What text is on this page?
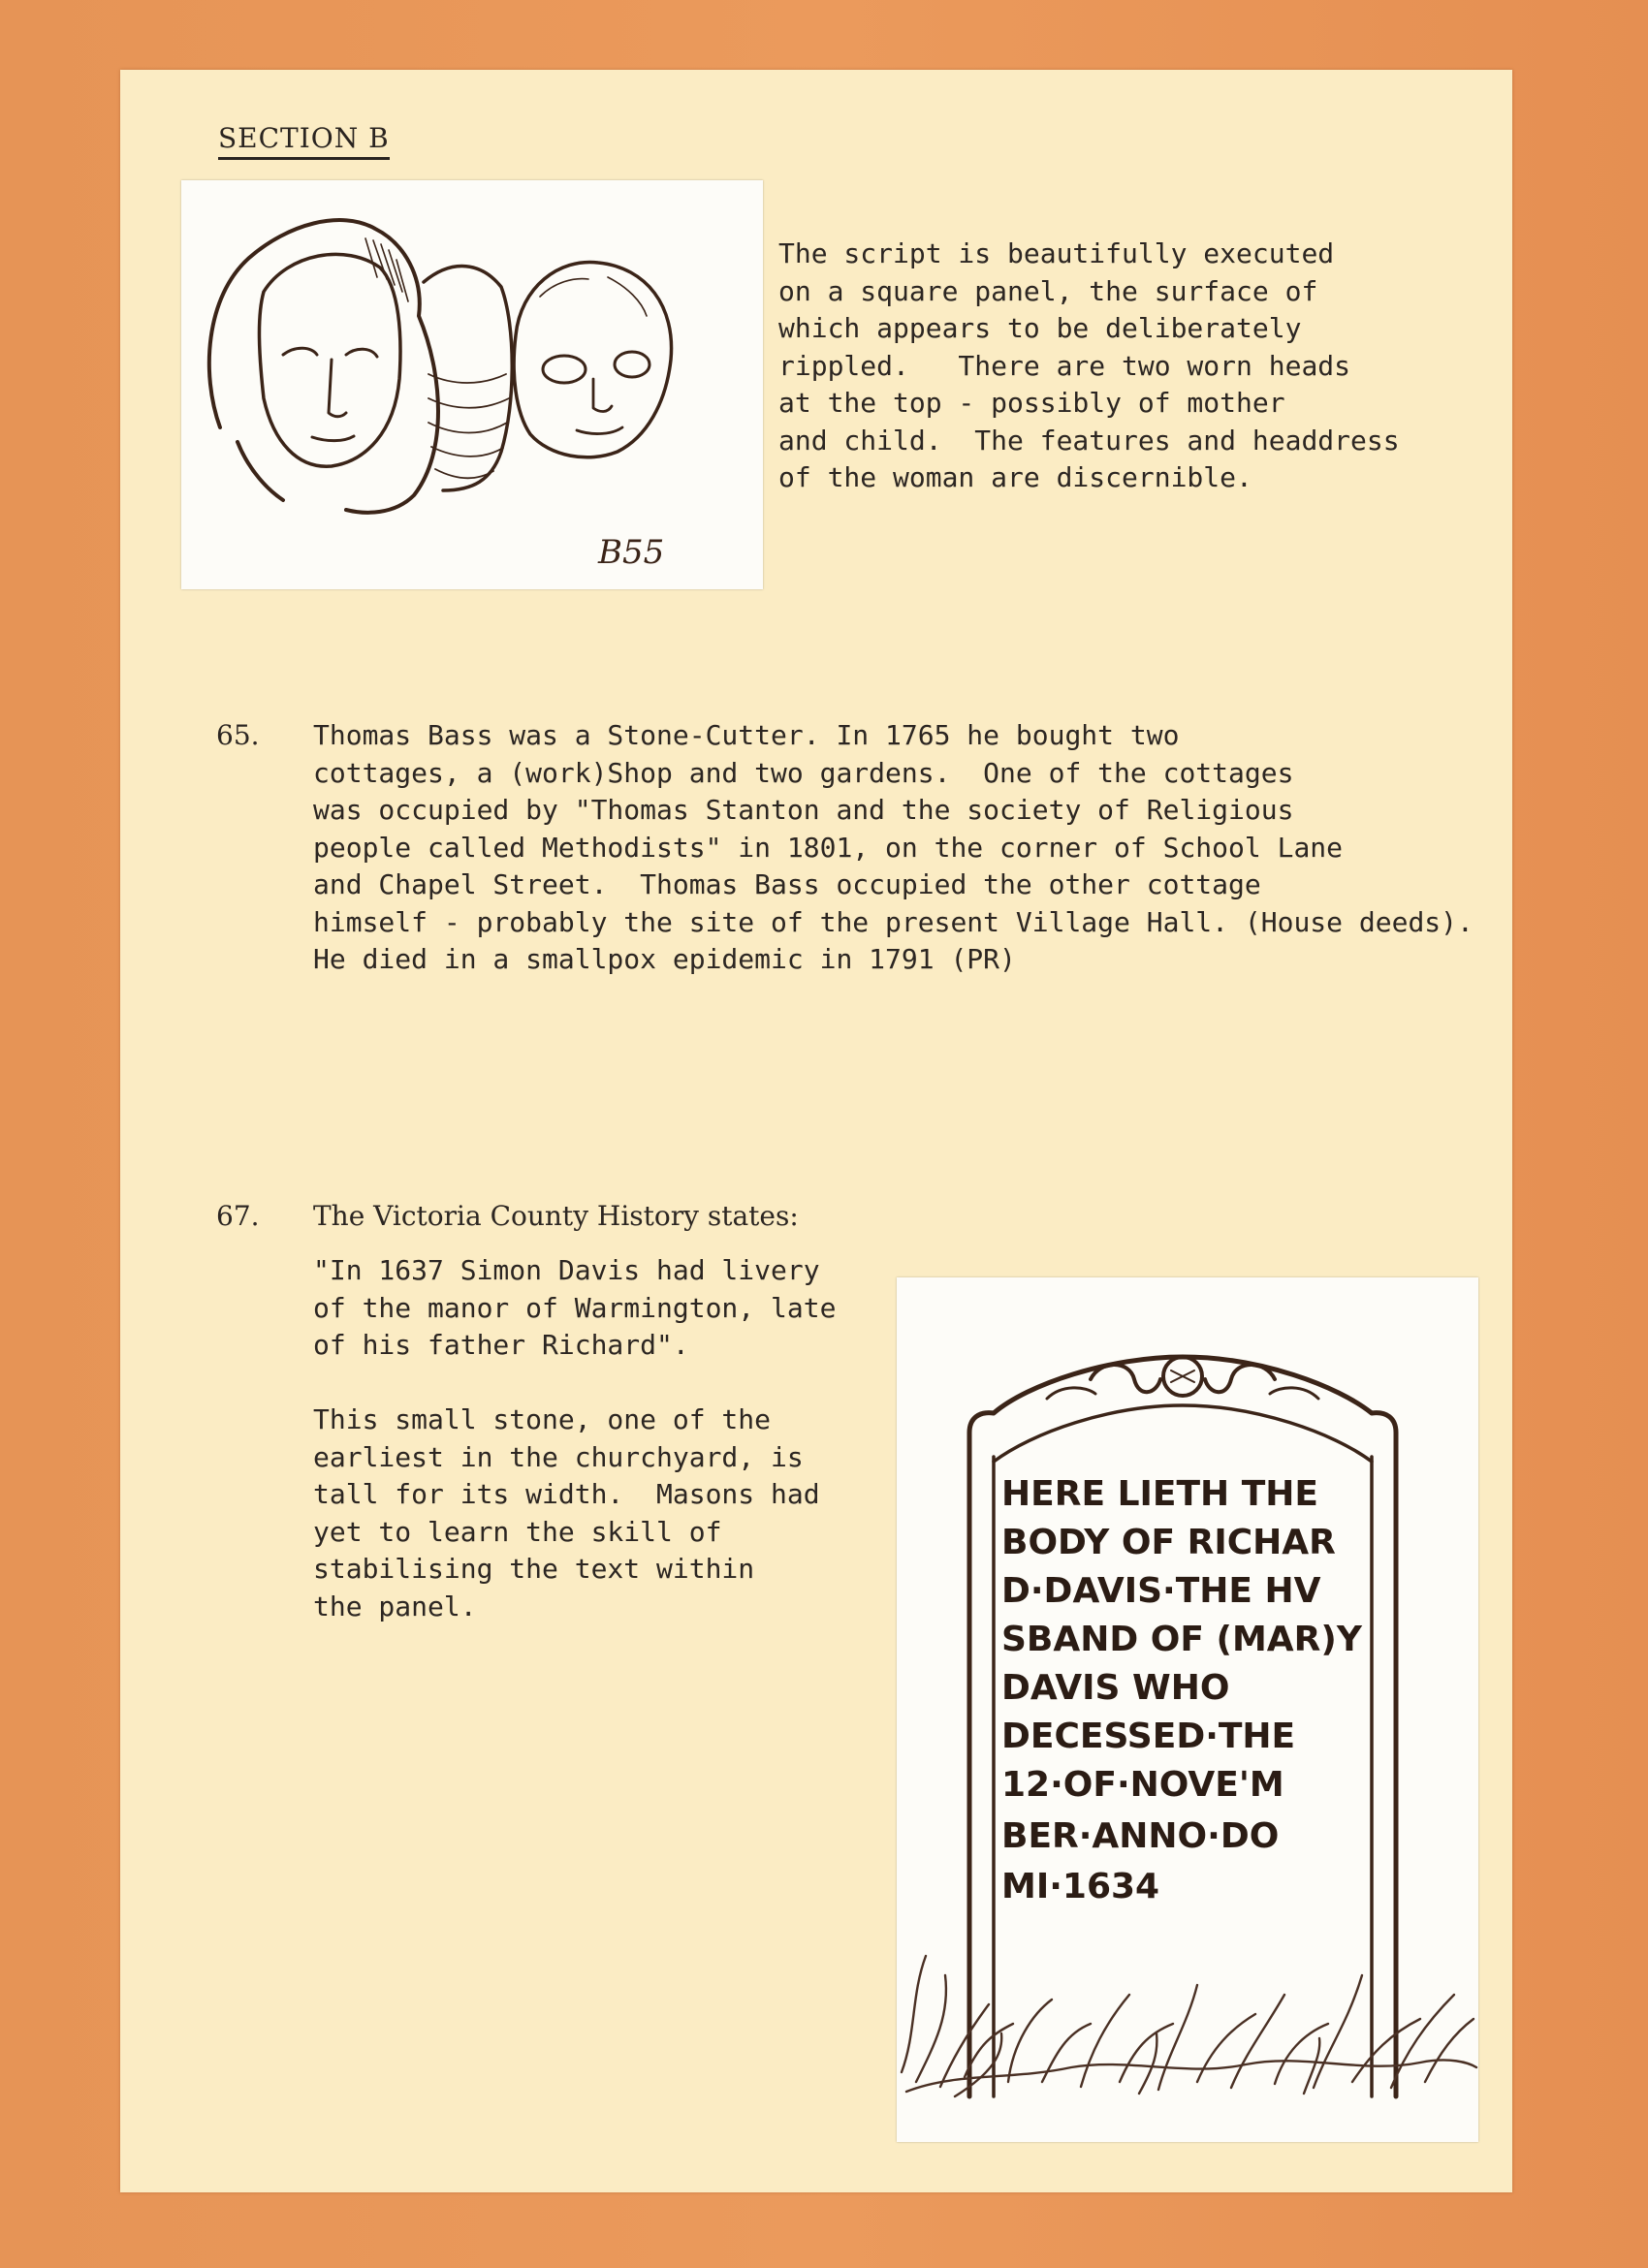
SECTION B
B55
The script is beautifully executed
on a square panel, the surface of
which appears to be deliberately
rippled.   There are two worn heads
at the top - possibly of mother
and child.  The features and headdress
of the woman are discernible.
65. Thomas Bass was a Stone-Cutter. In 1765 he bought two
cottages, a (work)Shop and two gardens.  One of the cottages
was occupied by "Thomas Stanton and the society of Religious
people called Methodists" in 1801, on the corner of School Lane
and Chapel Street.  Thomas Bass occupied the other cottage
himself - probably the site of the present Village Hall. (House deeds).
He died in a smallpox epidemic in 1791 (PR)
67. The Victoria County History states:
"In 1637 Simon Davis had livery
of the manor of Warmington, late
of his father Richard".
This small stone, one of the
earliest in the churchyard, is
tall for its width.  Masons had
yet to learn the skill of
stabilising the text within
the panel.
HERE LIETH THE
BODY OF RICHAR
D·DAVIS·THE HV
SBAND OF (MAR)Y
DAVIS WHO
DECESSED·THE
12·OF·NOVE'M
BER·ANNO·DO
MI·1634
